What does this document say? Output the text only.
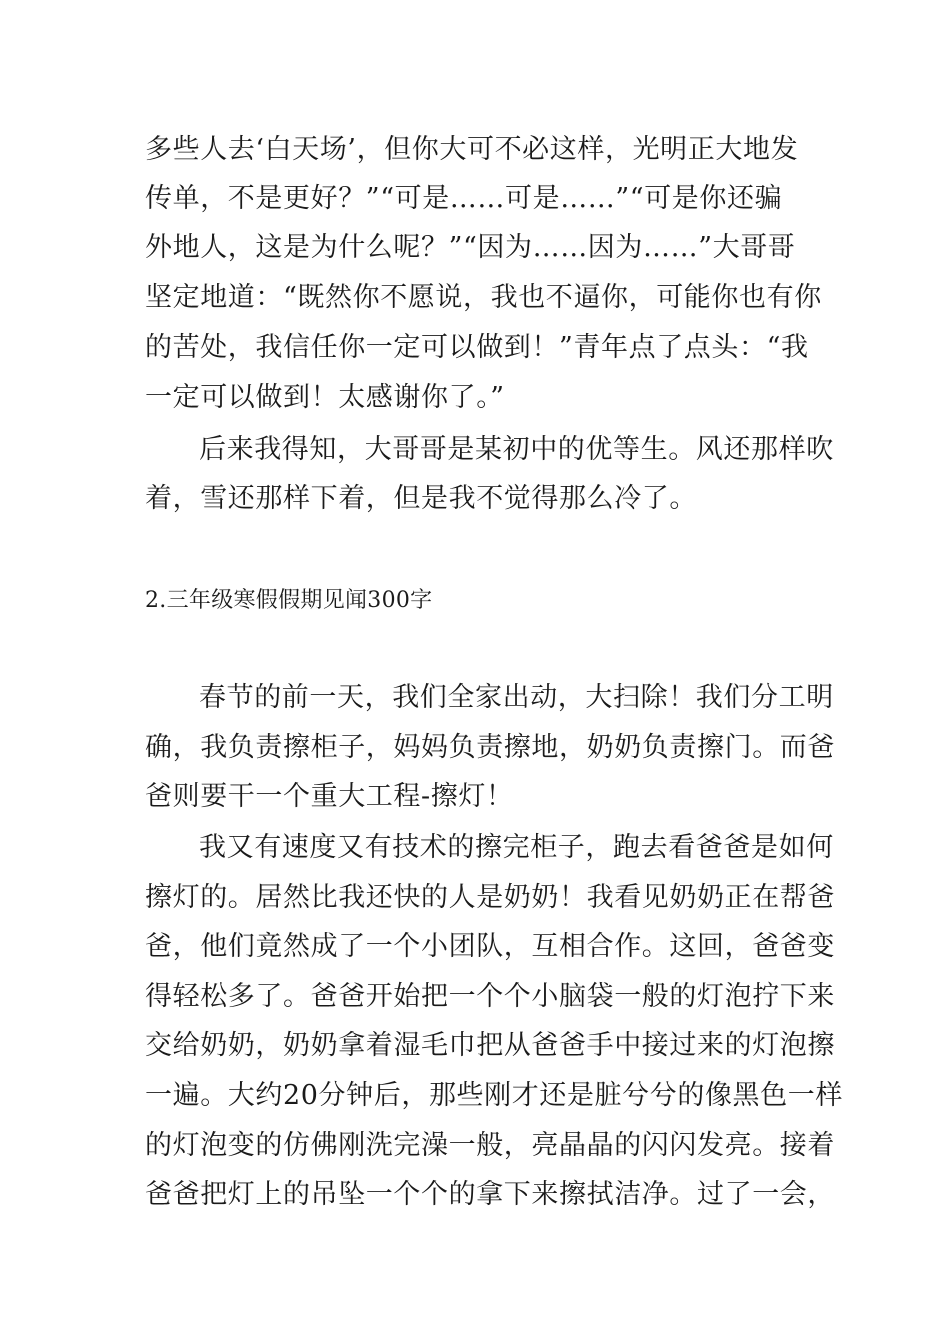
多些人去‘白天场’，但你大可不必这样，光明正大地发
传单，不是更好？”“可是……可是……”“可是你还骗
外地人，这是为什么呢？”“因为……因为……”大哥哥
坚定地道：“既然你不愿说，我也不逼你，可能你也有你
的苦处，我信任你一定可以做到！”青年点了点头：“我
一定可以做到！太感谢你了。”
后来我得知，大哥哥是某初中的优等生。风还那样吹
着，雪还那样下着，但是我不觉得那么冷了。
2.三年级寒假假期见闻300字
春节的前一天，我们全家出动，大扫除！我们分工明
确，我负责擦柜子，妈妈负责擦地，奶奶负责擦门。而爸
爸则要干一个重大工程-擦灯！
我又有速度又有技术的擦完柜子，跑去看爸爸是如何
擦灯的。居然比我还快的人是奶奶！我看见奶奶正在帮爸
爸，他们竟然成了一个小团队，互相合作。这回，爸爸变
得轻松多了。爸爸开始把一个个小脑袋一般的灯泡拧下来
交给奶奶，奶奶拿着湿毛巾把从爸爸手中接过来的灯泡擦
一遍。大约20分钟后，那些刚才还是脏兮兮的像黑色一样
的灯泡变的仿佛刚洗完澡一般，亮晶晶的闪闪发亮。接着
爸爸把灯上的吊坠一个个的拿下来擦拭洁净。过了一会，
